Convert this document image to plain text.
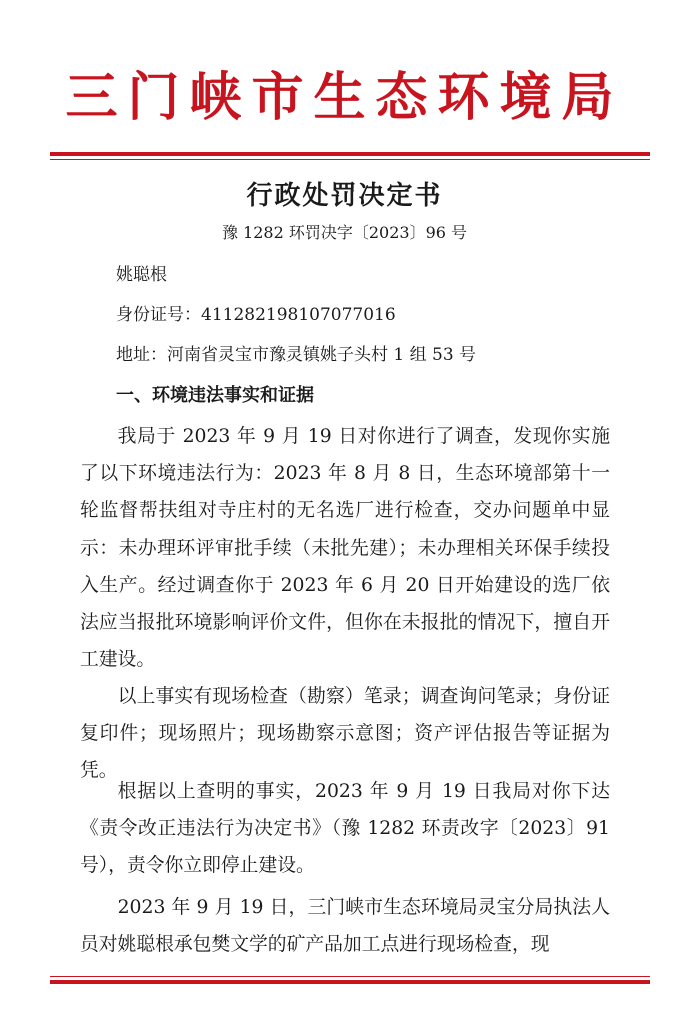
三门峡市生态环境局
行政处罚决定书
豫 1282 环罚决字〔2023〕96 号
姚聪根
身份证号：411282198107077016
地址：河南省灵宝市豫灵镇姚子头村 1 组 53 号
一、环境违法事实和证据

我局于 2023 年 9 月 19 日对你进行了调查，发现你实施了以下环境违法行为：2023 年 8 月 8 日，生态环境部第十一轮监督帮扶组对寺庄村的无名选厂进行检查，交办问题单中显示：未办理环评审批手续（未批先建）；未办理相关环保手续投入生产。经过调查你于 2023 年 6 月 20 日开始建设的选厂依法应当报批环境影响评价文件，但你在未报批的情况下，擅自开工建设。

以上事实有现场检查（勘察）笔录；调查询问笔录；身份证复印件；现场照片；现场勘察示意图；资产评估报告等证据为凭。

根据以上查明的事实，2023 年 9 月 19 日我局对你下达《责令改正违法行为决定书》（豫 1282 环责改字〔2023〕91 号），责令你立即停止建设。

2023 年 9 月 19 日，三门峡市生态环境局灵宝分局执法人员对姚聪根承包樊文学的矿产品加工点进行现场检查，现
